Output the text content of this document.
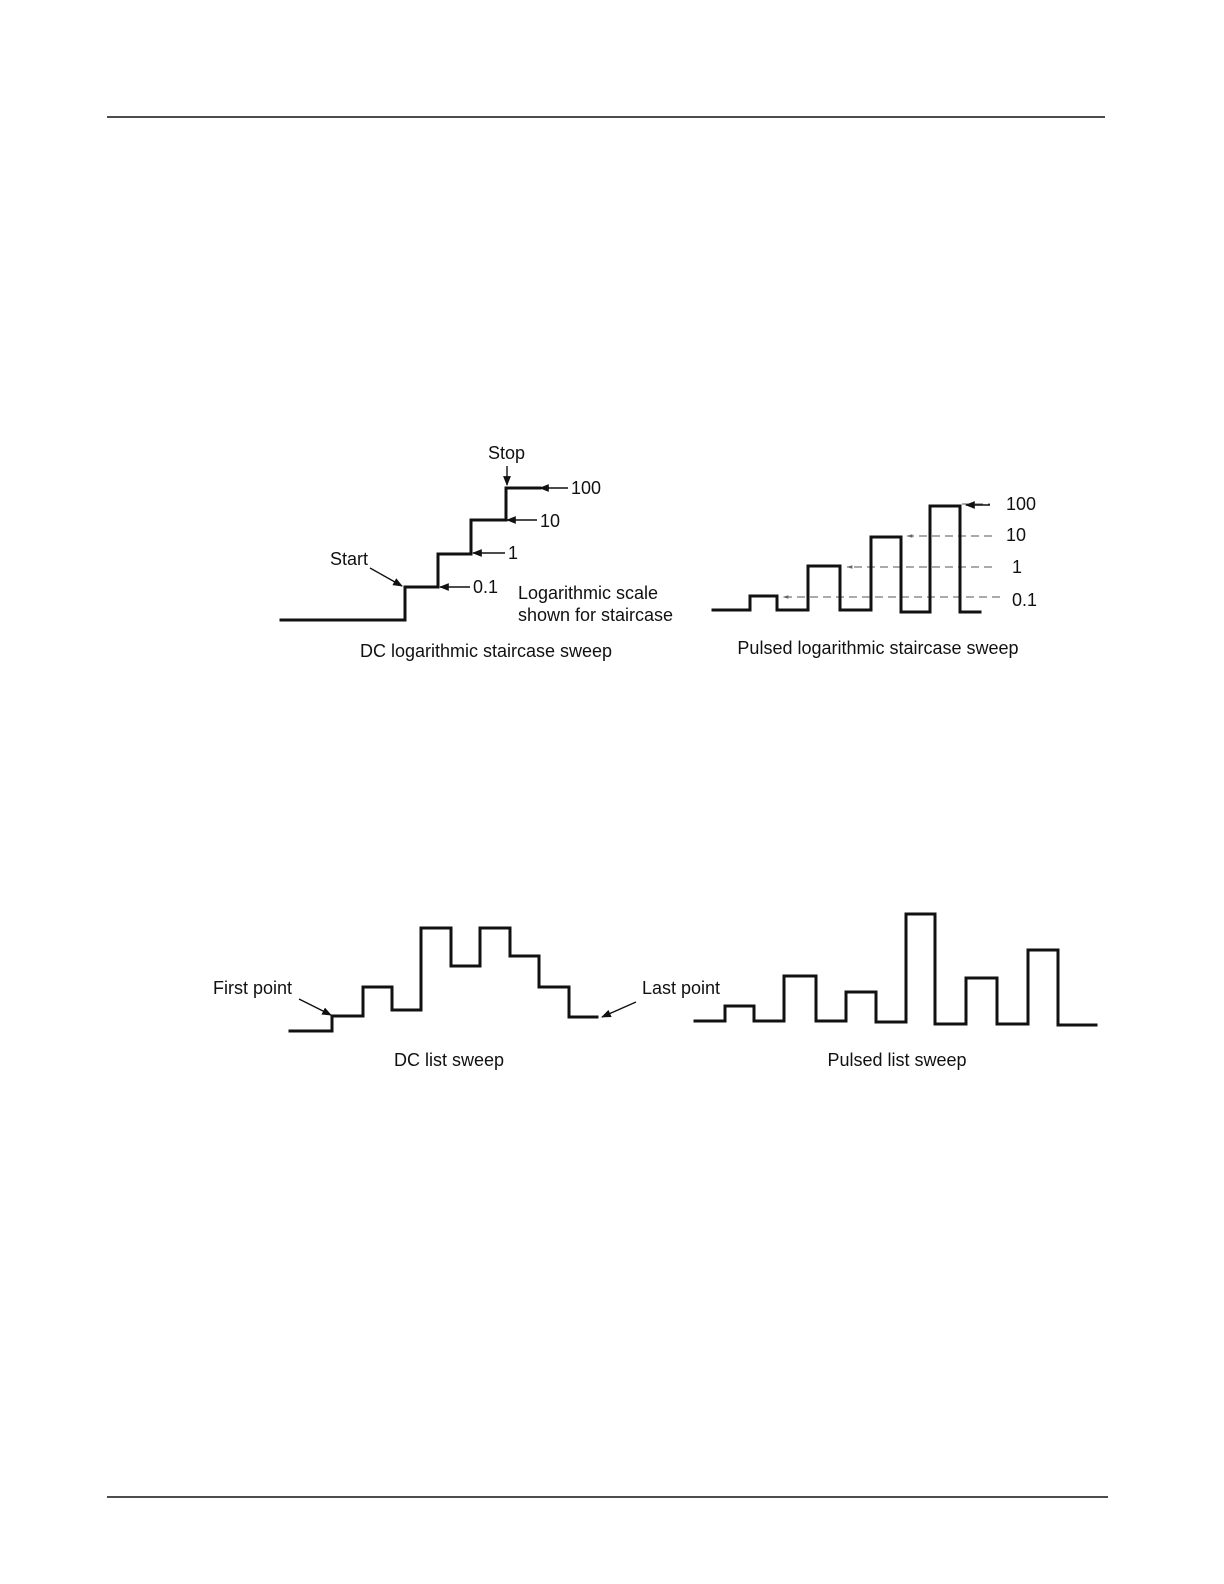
Stop
Start
100
10
1
0.1 Logarithmic scale
shown for staircase
DC logarithmic staircase sweep
100
10
1
0.1
Pulsed logarithmic staircase sweep
First point	Last point
DC list sweep	Pulsed list sweep
